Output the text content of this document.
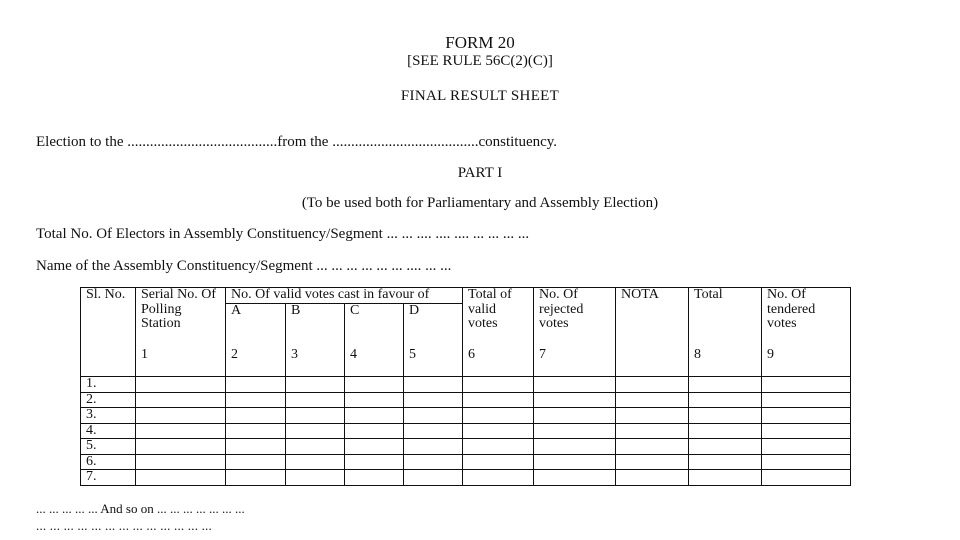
FORM 20
[SEE RULE 56C(2)(C)]
FINAL RESULT SHEET
Election to the ........................................from the .......................................constituency.
PART I
(To be used both for Parliamentary and Assembly Election)
Total No. Of Electors in Assembly Constituency/Segment ... ... .... .... .... ... ... ... ...
Name of the Assembly Constituency/Segment ... ... ... ... ... ... .... ... ...
Sl. No.	Serial No. Of Polling Station	No. Of valid votes cast in favour of				Total of valid votes	No. Of rejected votes	NOTA	Total	No. Of tendered votes
		A	B	C	D					
	1	2	3	4	5	6	7		8	9
1.										
2.										
3.										
4.										
5.										
6.										
7.										
... ... ... ... ... And so on ... ... ... ... ... ... ...
... ... ... ... ... ... ... ... ... ... ... ... ...
